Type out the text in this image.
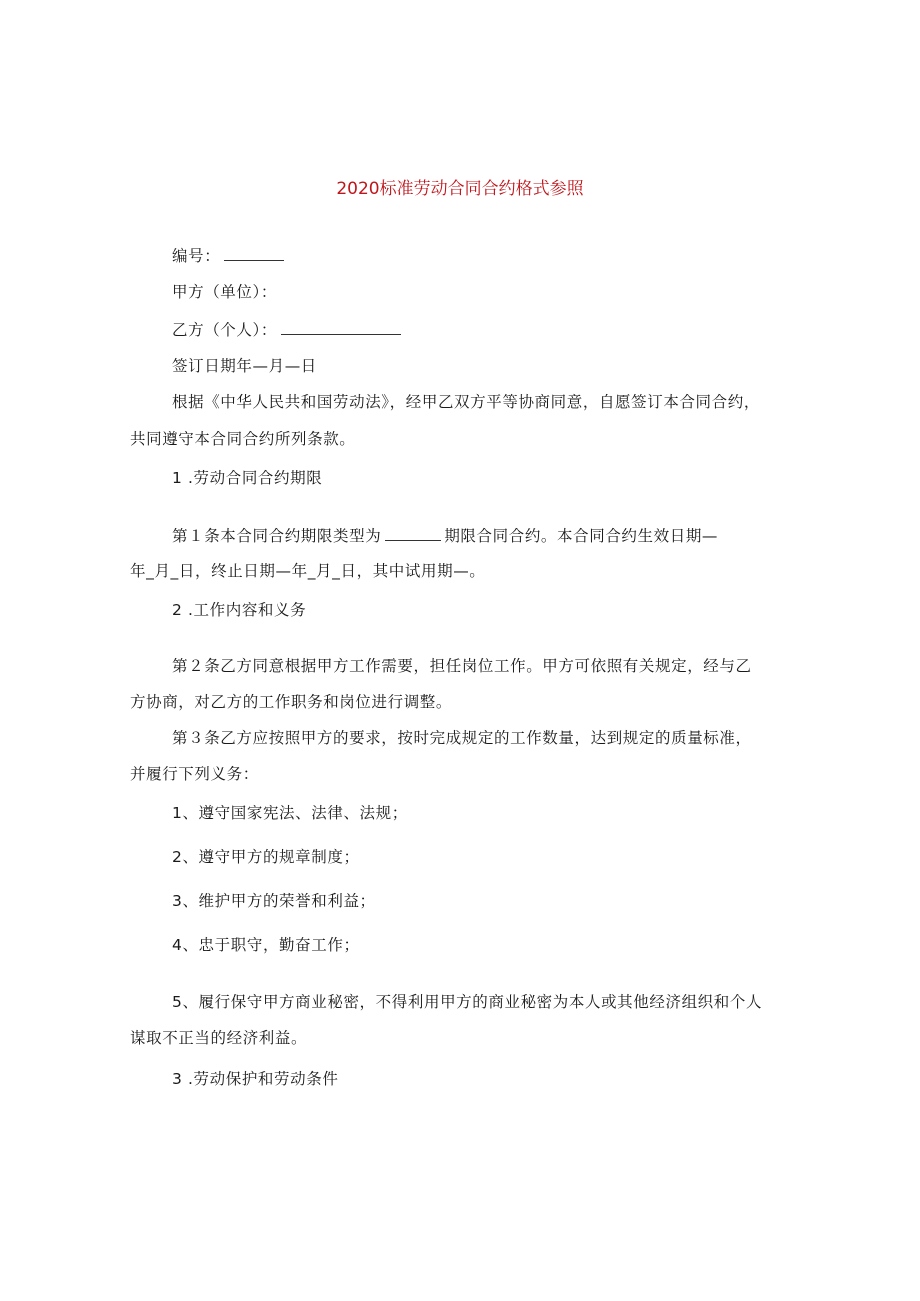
2020标准劳动合同合约格式参照
编号：
甲方（单位）：
乙方（个人）：
签订日期年—月—日
根据《中华人民共和国劳动法》，经甲乙双方平等协商同意，自愿签订本合同合约，
共同遵守本合同合约所列条款。
1 .劳动合同合约期限
第１条本合同合约期限类型为	期限合同合约。本合同合约生效日期—
年_月_日，终止日期—年_月_日，其中试用期—。
2 .工作内容和义务
第２条乙方同意根据甲方工作需要，担任岗位工作。甲方可依照有关规定，经与乙
方协商，对乙方的工作职务和岗位进行调整。
第３条乙方应按照甲方的要求，按时完成规定的工作数量，达到规定的质量标准，
并履行下列义务：
1、遵守国家宪法、法律、法规；
2、遵守甲方的规章制度；
3、维护甲方的荣誉和利益；
4、忠于职守，勤奋工作；
5、履行保守甲方商业秘密，不得利用甲方的商业秘密为本人或其他经济组织和个人
谋取不正当的经济利益。
3 .劳动保护和劳动条件
